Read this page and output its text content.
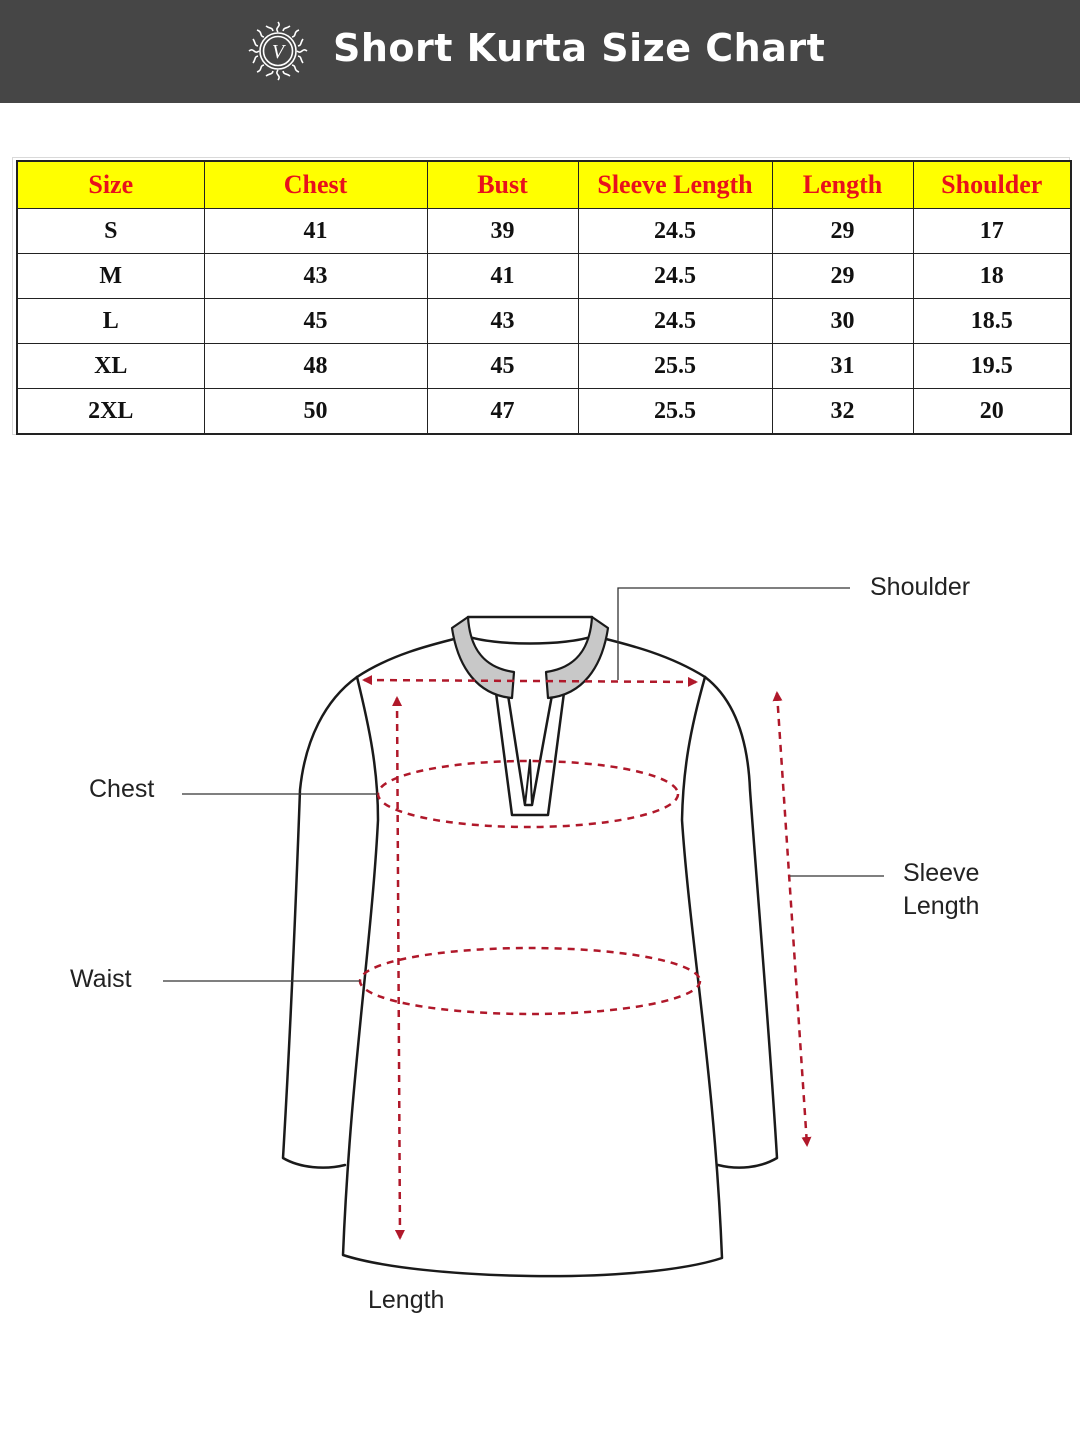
V Short Kurta Size Chart
Size	Chest	Bust	Sleeve Length	Length	Shoulder
S	41	39	24.5	29	17
M	43	41	24.5	29	18
L	45	43	24.5	30	18.5
XL	48	45	25.5	31	19.5
2XL	50	47	25.5	32	20
Shoulder
Chest
Waist
Sleeve
Length
Length
